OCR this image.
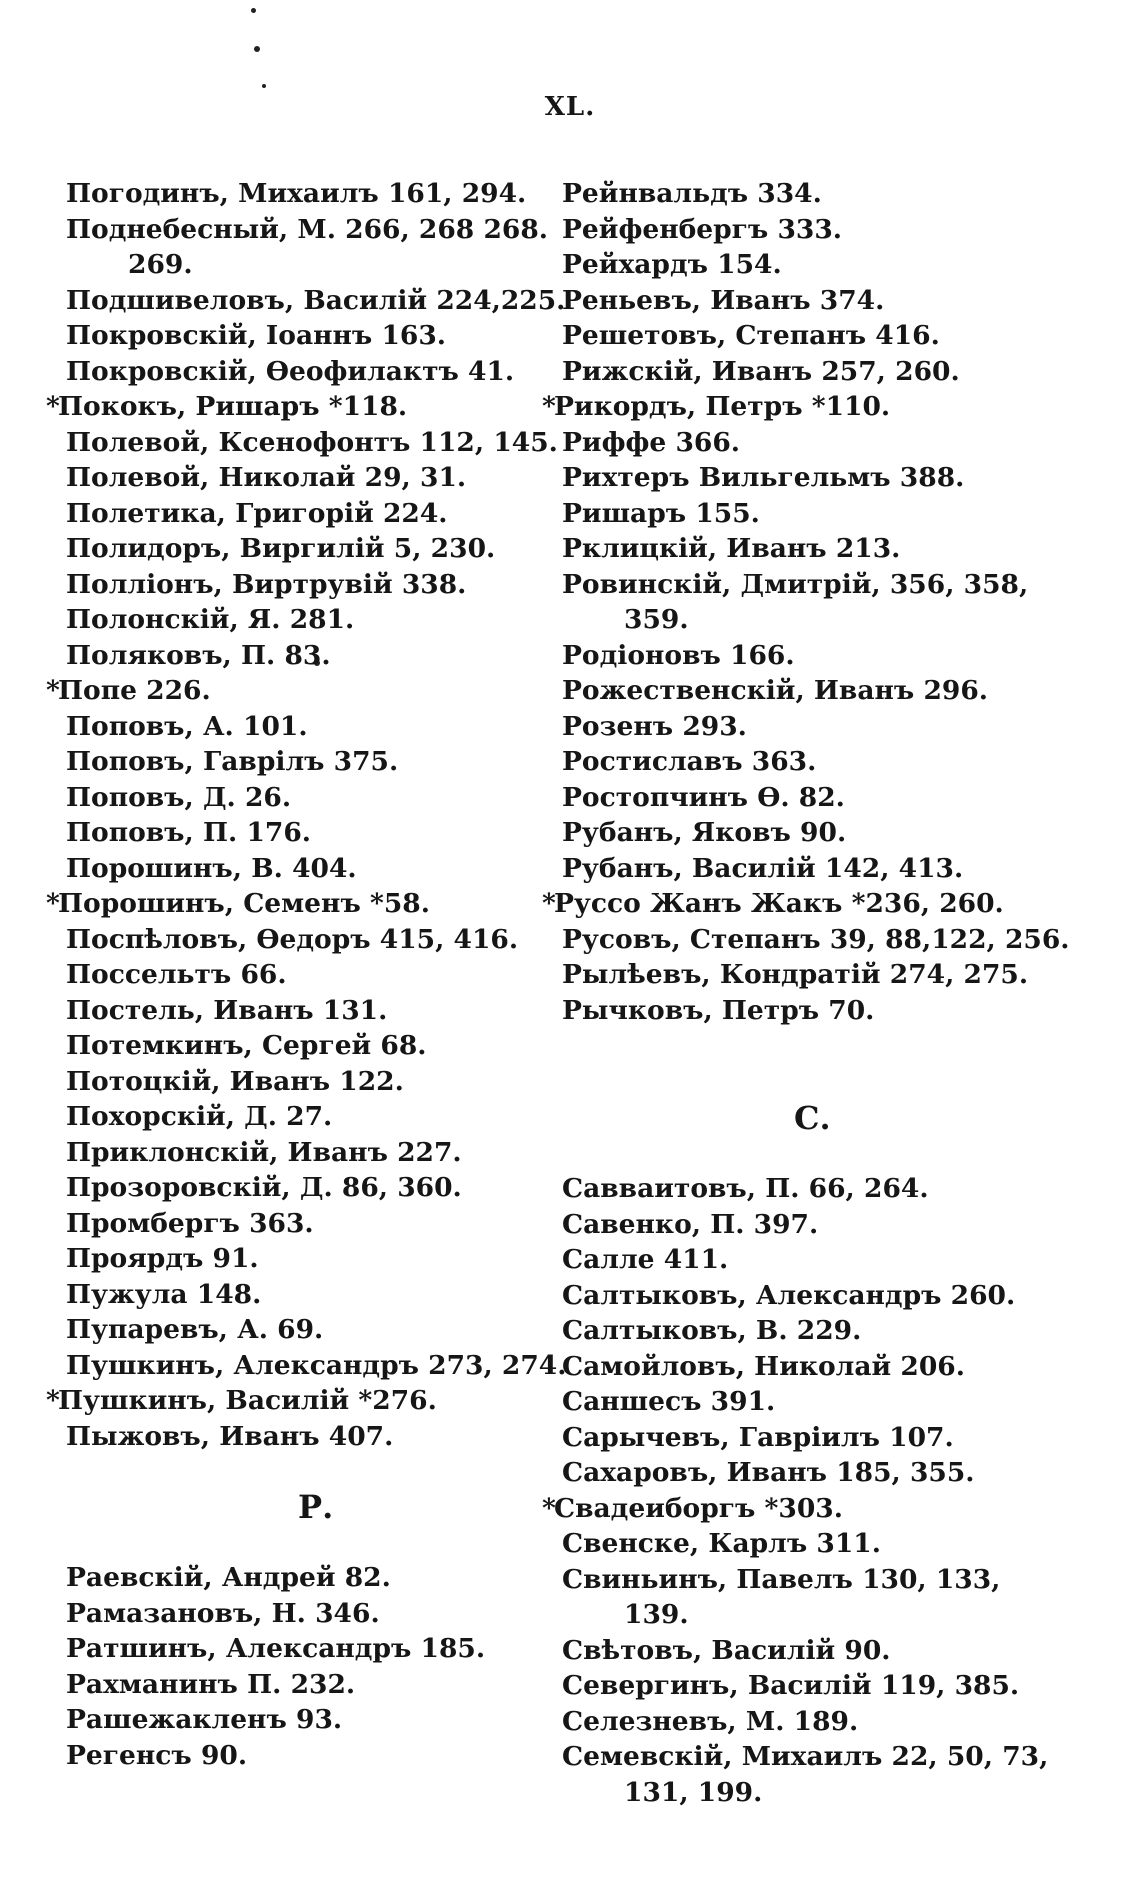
XL.
Погодинъ, Михаилъ 161, 294.
Поднебесный, М. 266, 268 268.
269.
Подшивеловъ, Василій 224,225.
Покровскій, Іоаннъ 163.
Покровскій, Өеофилактъ 41.
*Пококъ, Ришаръ *118.
Полевой, Ксенофонтъ 112, 145.
Полевой, Николай 29, 31.
Полетика, Григорій 224.
Полидоръ, Виргилій 5, 230.
Полліонъ, Виртрувій 338.
Полонскій, Я. 281.
Поляковъ, П. 83.
*Попе 226.
Поповъ, А. 101.
Поповъ, Гаврілъ 375.
Поповъ, Д. 26.
Поповъ, П. 176.
Порошинъ, В. 404.
*Порошинъ, Семенъ *58.
Поспѣловъ, Өедоръ 415, 416.
Поссельтъ 66.
Постель, Иванъ 131.
Потемкинъ, Сергей 68.
Потоцкій, Иванъ 122.
Похорскій, Д. 27.
Приклонскій, Иванъ 227.
Прозоровскій, Д. 86, 360.
Промбергъ 363.
Проярдъ 91.
Пужула 148.
Пупаревъ, А. 69.
Пушкинъ, Александръ 273, 274.
*Пушкинъ, Василій *276.
Пыжовъ, Иванъ 407.
Р.
Раевскій, Андрей 82.
Рамазановъ, Н. 346.
Ратшинъ, Александръ 185.
Рахманинъ П. 232.
Рашежакленъ 93.
Регенсъ 90.
Рейнвальдъ 334.
Рейфенбергъ 333.
Рейхардъ 154.
Реньевъ, Иванъ 374.
Решетовъ, Степанъ 416.
Рижскій, Иванъ 257, 260.
*Рикордъ, Петръ *110.
Риффе 366.
Рихтеръ Вильгельмъ 388.
Ришаръ 155.
Рклицкій, Иванъ 213.
Ровинскій, Дмитрій, 356, 358,
359.
Родіоновъ 166.
Рожественскій, Иванъ 296.
Розенъ 293.
Ростиславъ 363.
Ростопчинъ Ө. 82.
Рубанъ, Яковъ 90.
Рубанъ, Василій 142, 413.
*Руссо Жанъ Жакъ *236, 260.
Русовъ, Степанъ 39, 88,122, 256.
Рылѣевъ, Кондратій 274, 275.
Рычковъ, Петръ 70.
С.
Савваитовъ, П. 66, 264.
Савенко, П. 397.
Салле 411.
Салтыковъ, Александръ 260.
Салтыковъ, В. 229.
Самойловъ, Николай 206.
Саншесъ 391.
Сарычевъ, Гаврiилъ 107.
Сахаровъ, Иванъ 185, 355.
*Свадеиборгъ *303.
Свенске, Карлъ 311.
Свиньинъ, Павелъ 130, 133,
139.
Свѣтовъ, Василій 90.
Севергинъ, Василій 119, 385.
Селезневъ, М. 189.
Семевскій, Михаилъ 22, 50, 73,
131, 199.
